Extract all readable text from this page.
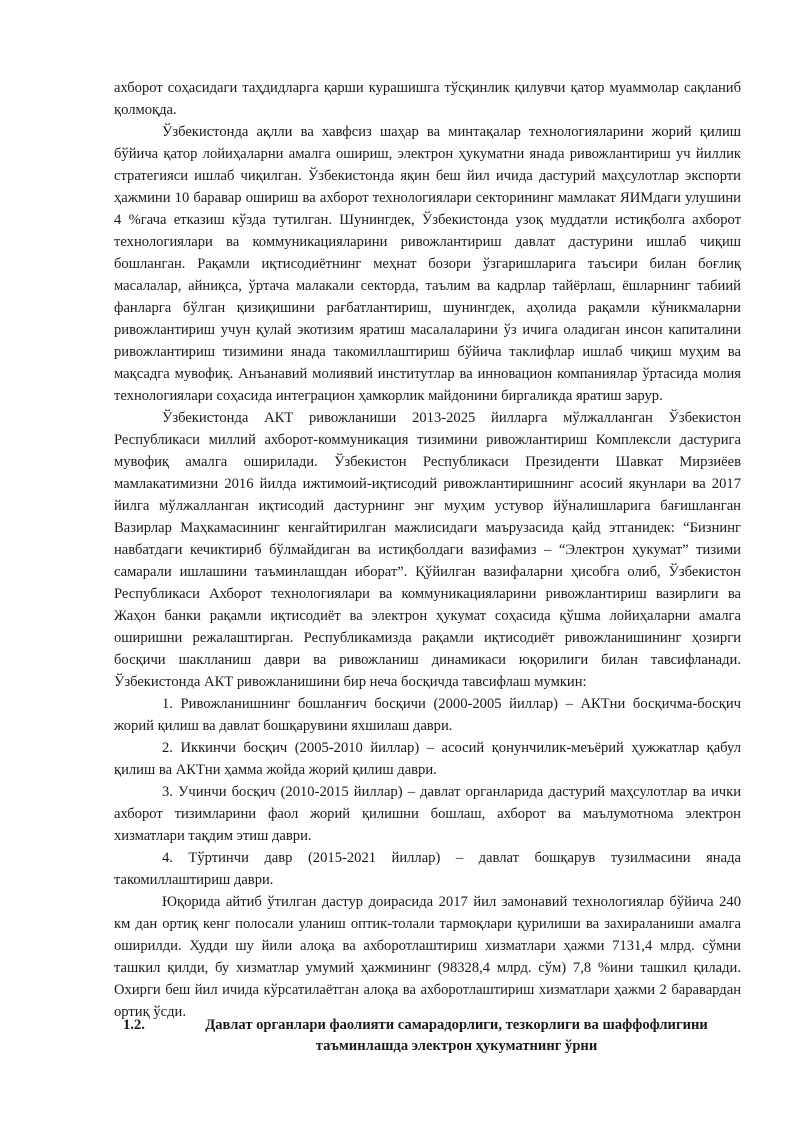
ахборот соҳасидаги таҳдидларга қарши курашишга тўсқинлик қилувчи қатор муаммолар сақланиб қолмоқда.

Ўзбекистонда ақлли ва хавфсиз шаҳар ва минтақалар технологияларини жорий қилиш бўйича қатор лойиҳаларни амалга ошириш, электрон ҳукуматни янада ривожлантириш уч йиллик стратегияси ишлаб чиқилган. Ўзбекистонда яқин беш йил ичида дастурий маҳсулотлар экспорти ҳажмини 10 баравар ошириш ва ахборот технологиялари секторининг мамлакат ЯИМдаги улушини 4 %гача етказиш кўзда тутилган. Шунингдек, Ўзбекистонда узоқ муддатли истиқболга ахборот технологиялари ва коммуникацияларини ривожлантириш давлат дастурини ишлаб чиқиш бошланган. Рақамли иқтисодиётнинг меҳнат бозори ўзгаришларига таъсири билан боғлиқ масалалар, айниқса, ўртача малакали секторда, таълим ва кадрлар тайёрлаш, ёшларнинг табиий фанларга бўлган қизиқишини рағбатлантириш, шунингдек, аҳолида рақамли кўникмаларни ривожлантириш учун қулай экотизим яратиш масалаларини ўз ичига оладиган инсон капиталини ривожлантириш тизимини янада такомиллаштириш бўйича таклифлар ишлаб чиқиш муҳим ва мақсадга мувофиқ. Анъанавий молиявий институтлар ва инновацион компаниялар ўртасида молия технологиялари соҳасида интеграцион ҳамкорлик майдонини биргаликда яратиш зарур.

Ўзбекистонда АКТ ривожланиши 2013-2025 йилларга мўлжалланган Ўзбекистон Республикаси миллий ахборот-коммуникация тизимини ривожлантириш Комплексли дастурига мувофиқ амалга оширилади. Ўзбекистон Республикаси Президенти Шавкат Мирзиёев мамлакатимизни 2016 йилда ижтимоий-иқтисодий ривожлантиришнинг асосий якунлари ва 2017 йилга мўлжалланган иқтисодий дастурнинг энг муҳим устувор йўналишларига бағишланган Вазирлар Маҳкамасининг кенгайтирилган мажлисидаги маърузасида қайд этганидек: “Бизнинг навбатдаги кечиктириб бўлмайдиган ва истиқболдаги вазифамиз – “Электрон ҳукумат” тизими самарали ишлашини таъминлашдан иборат”. Қўйилган вазифаларни ҳисобга олиб, Ўзбекистон Республикаси Ахборот технологиялари ва коммуникацияларини ривожлантириш вазирлиги ва Жаҳон банки рақамли иқтисодиёт ва электрон ҳукумат соҳасида қўшма лойиҳаларни амалга оширишни режалаштирган. Республикамизда рақамли иқтисодиёт ривожланишининг ҳозирги босқичи шаклланиш даври ва ривожланиш динамикаси юқорилиги билан тавсифланади. Ўзбекистонда АКТ ривожланишини бир неча босқичда тавсифлаш мумкин:

1. Ривожланишнинг бошланғич босқичи (2000-2005 йиллар) – АКТни босқичма-босқич жорий қилиш ва давлат бошқарувини яхшилаш даври.

2. Иккинчи босқич (2005-2010 йиллар) – асосий қонунчилик-меъёрий ҳужжатлар қабул қилиш ва АКТни ҳамма жойда жорий қилиш даври.

3. Учинчи босқич (2010-2015 йиллар) – давлат органларида дастурий маҳсулотлар ва ички ахборот тизимларини фаол жорий қилишни бошлаш, ахборот ва маълумотнома электрон хизматлари тақдим этиш даври.

4. Тўртинчи давр (2015-2021 йиллар) – давлат бошқарув тузилмасини янада такомиллаштириш даври.

Юқорида айтиб ўтилган дастур доирасида 2017 йил замонавий технологиялар бўйича 240 км дан ортиқ кенг полосали уланиш оптик-толали тармоқлари қурилиши ва захираланиши амалга оширилди. Худди шу йили алоқа ва ахборотлаштириш хизматлари ҳажми 7131,4 млрд. сўмни ташкил қилди, бу хизматлар умумий ҳажмининг (98328,4 млрд. сўм) 7,8 %ини ташкил қилади. Охирги беш йил ичида кўрсатилаётган алоқа ва ахборотлаштириш хизматлари ҳажми 2 баравардан ортиқ ўсди.

1.2.	Давлат органлари фаолияти самарадорлиги, тезкорлиги ва шаффофлигини таъминлашда электрон ҳукуматнинг ўрни
